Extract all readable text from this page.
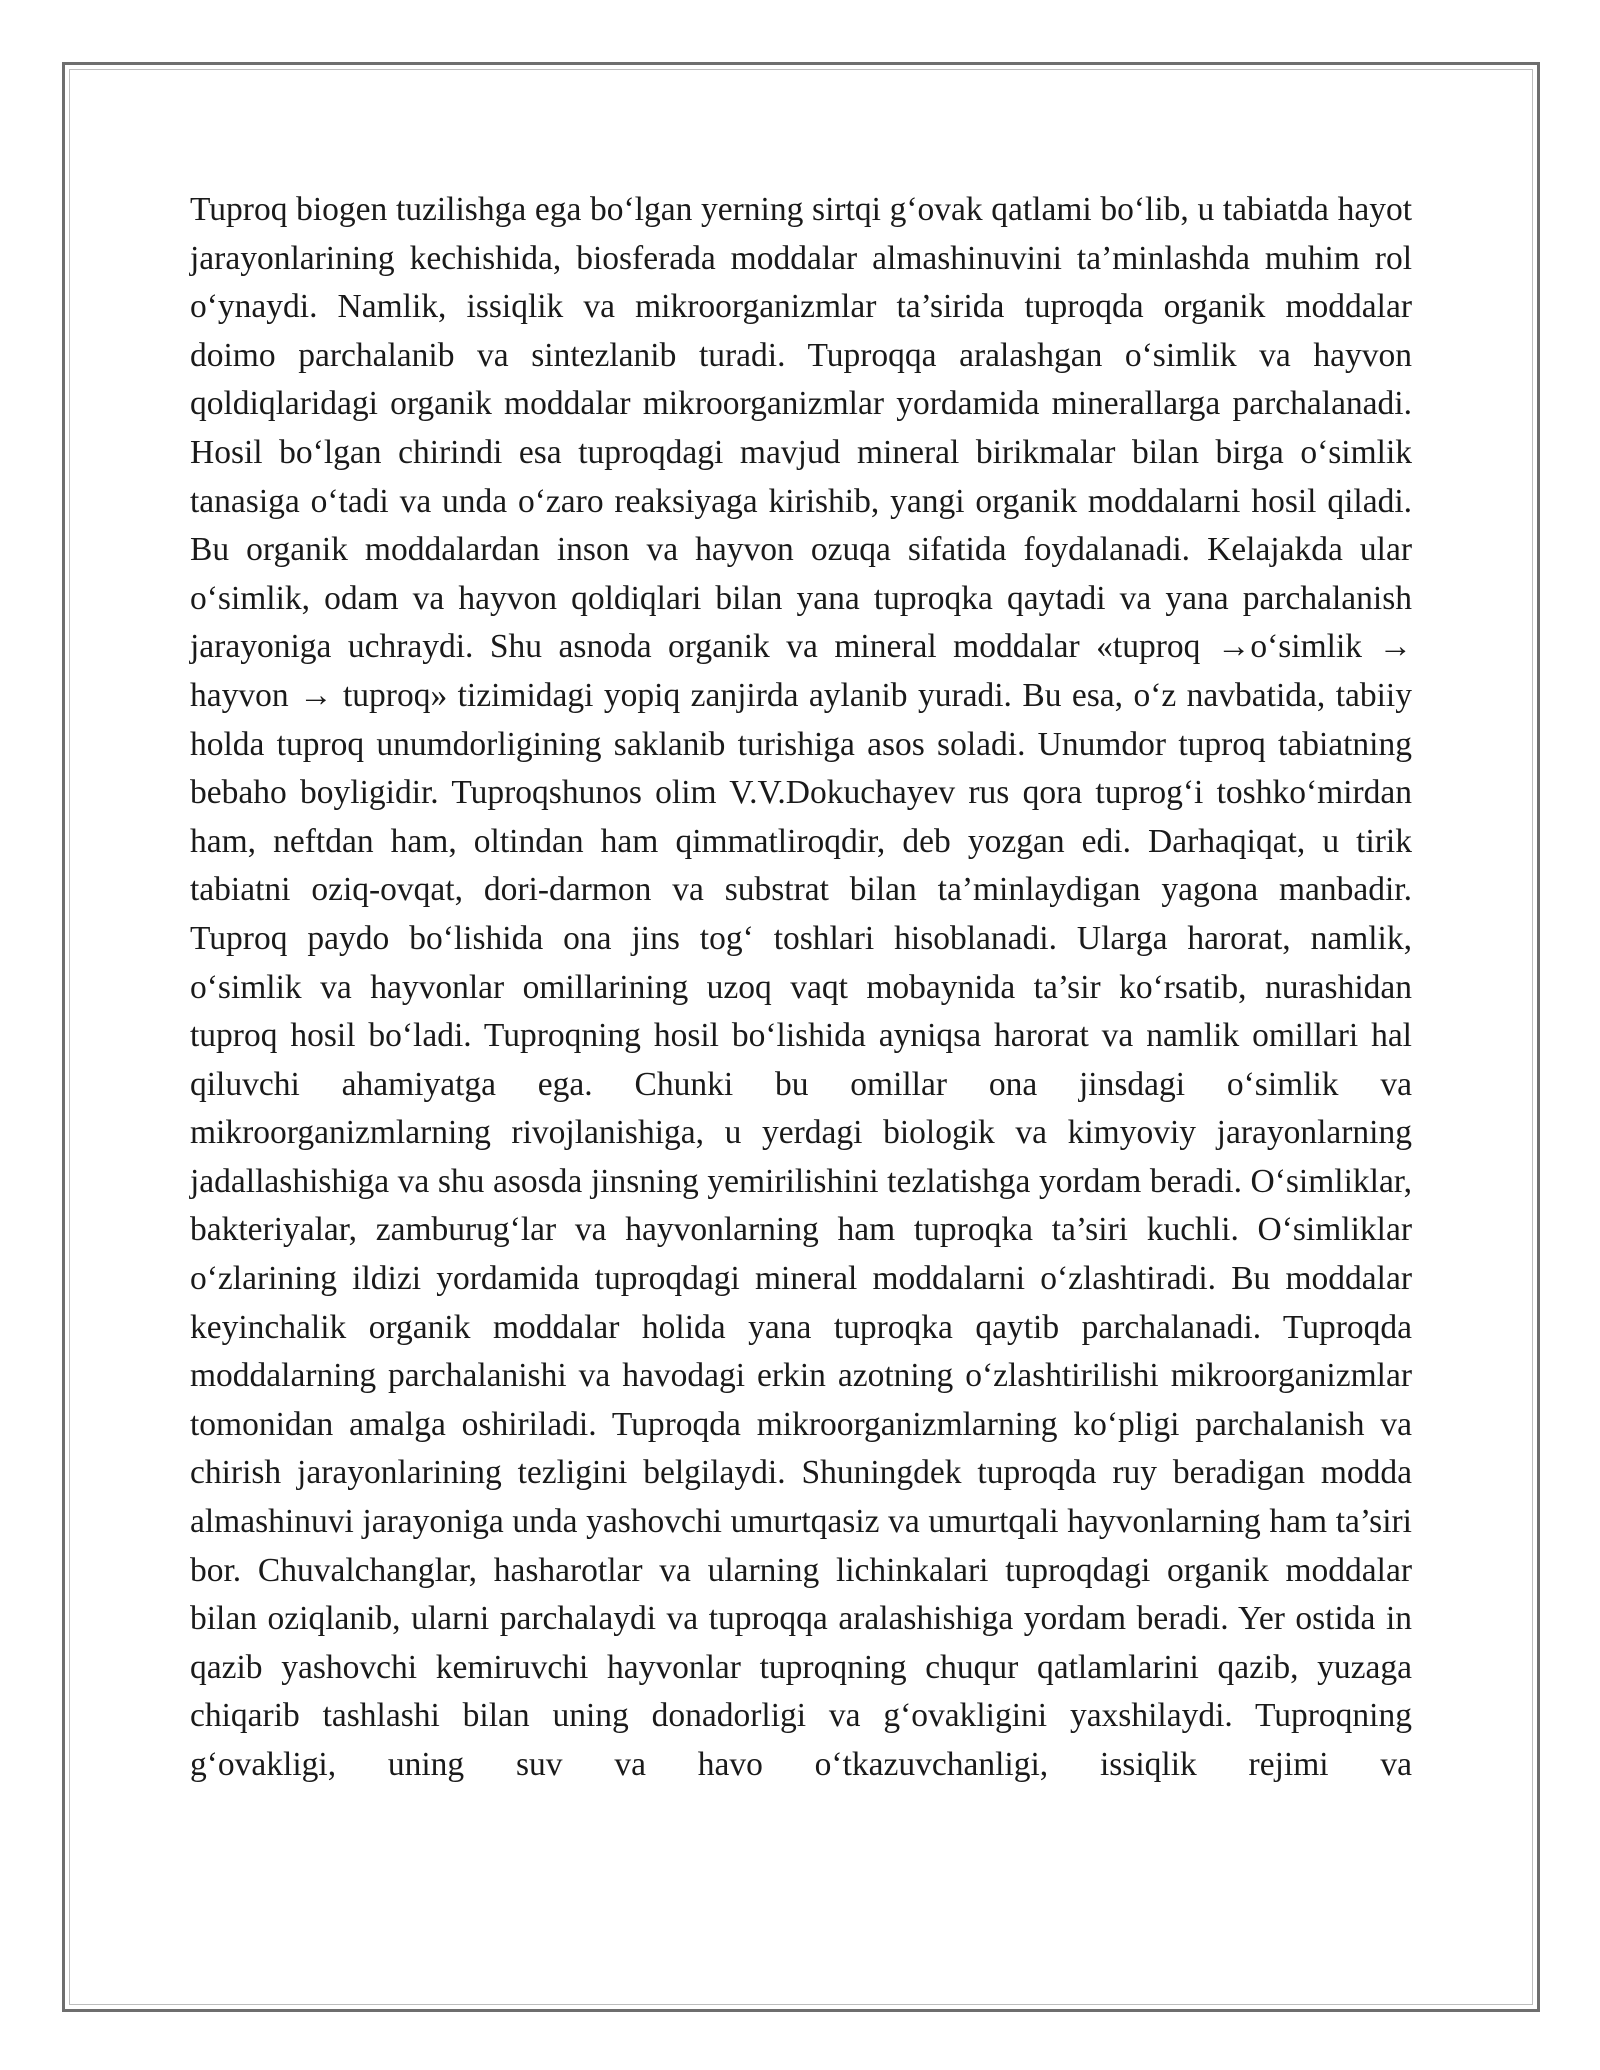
Tuproq biogen tuzilishga ega boʻlgan yerning sirtqi gʻovak qatlami boʻlib, u tabiatda hayot jarayonlarining kechishida, biosferada moddalar almashinuvini ta’minlashda muhim rol oʻynaydi. Namlik, issiqlik va mikroorganizmlar ta’sirida tuproqda organik moddalar doimo parchalanib va sintezlanib turadi. Tuproqqa aralashgan oʻsimlik va hayvon qoldiqlaridagi organik moddalar mikroorganizmlar yordamida minerallarga parchalanadi. Hosil boʻlgan chirindi esa tuproqdagi mavjud mineral birikmalar bilan birga oʻsimlik tanasiga oʻtadi va unda oʻzaro reaksiyaga kirishib, yangi organik moddalarni hosil qiladi. Bu organik moddalardan inson va hayvon ozuqa sifatida foydalanadi. Kelajakda ular oʻsimlik, odam va hayvon qoldiqlari bilan yana tuproqka qaytadi va yana parchalanish jarayoniga uchraydi. Shu asnoda organik va mineral moddalar «tuproq →oʻsimlik → hayvon → tuproq» tizimidagi yopiq zanjirda aylanib yuradi. Bu esa, oʻz navbatida, tabiiy holda tuproq unumdorligining saklanib turishiga asos soladi. Unumdor tuproq tabiatning bebaho boyligidir. Tuproqshunos olim V.V.Dokuchayev rus qora tuprogʻi toshkoʻmirdan ham, neftdan ham, oltindan ham qimmatliroqdir, deb yozgan edi. Darhaqiqat, u tirik tabiatni oziq-ovqat, dori-darmon va substrat bilan ta’minlaydigan yagona manbadir. Tuproq paydo boʻlishida ona jins togʻ toshlari hisoblanadi. Ularga harorat, namlik, oʻsimlik va hayvonlar omillarining uzoq vaqt mobaynida ta’sir koʻrsatib, nurashidan tuproq hosil boʻladi. Tuproqning hosil boʻlishida ayniqsa harorat va namlik omillari hal qiluvchi ahamiyatga ega. Chunki bu omillar ona jinsdagi oʻsimlik va mikroorganizmlarning rivojlanishiga, u yerdagi biologik va kimyoviy jarayonlarning jadallashishiga va shu asosda jinsning yemirilishini tezlatishga yordam beradi. Oʻsimliklar, bakteriyalar, zamburugʻlar va hayvonlarning ham tuproqka ta’siri kuchli. Oʻsimliklar oʻzlarining ildizi yordamida tuproqdagi mineral moddalarni oʻzlashtiradi. Bu moddalar keyinchalik organik moddalar holida yana tuproqka qaytib parchalanadi. Tuproqda moddalarning parchalanishi va havodagi erkin azotning oʻzlashtirilishi mikroorganizmlar tomonidan amalga oshiriladi. Tuproqda mikroorganizmlarning koʻpligi parchalanish va chirish jarayonlarining tezligini belgilaydi. Shuningdek tuproqda ruy beradigan modda almashinuvi jarayoniga unda yashovchi umurtqasiz va umurtqali hayvonlarning ham ta’siri bor. Chuvalchanglar, hasharotlar va ularning lichinkalari tuproqdagi organik moddalar bilan oziqlanib, ularni parchalaydi va tuproqqa aralashishiga yordam beradi. Yer ostida in qazib yashovchi kemiruvchi hayvonlar tuproqning chuqur qatlamlarini qazib, yuzaga chiqarib tashlashi bilan uning donadorligi va gʻovakligini yaxshilaydi. Tuproqning gʻovakligi, uning suv va havo oʻtkazuvchanligi, issiqlik rejimi va
